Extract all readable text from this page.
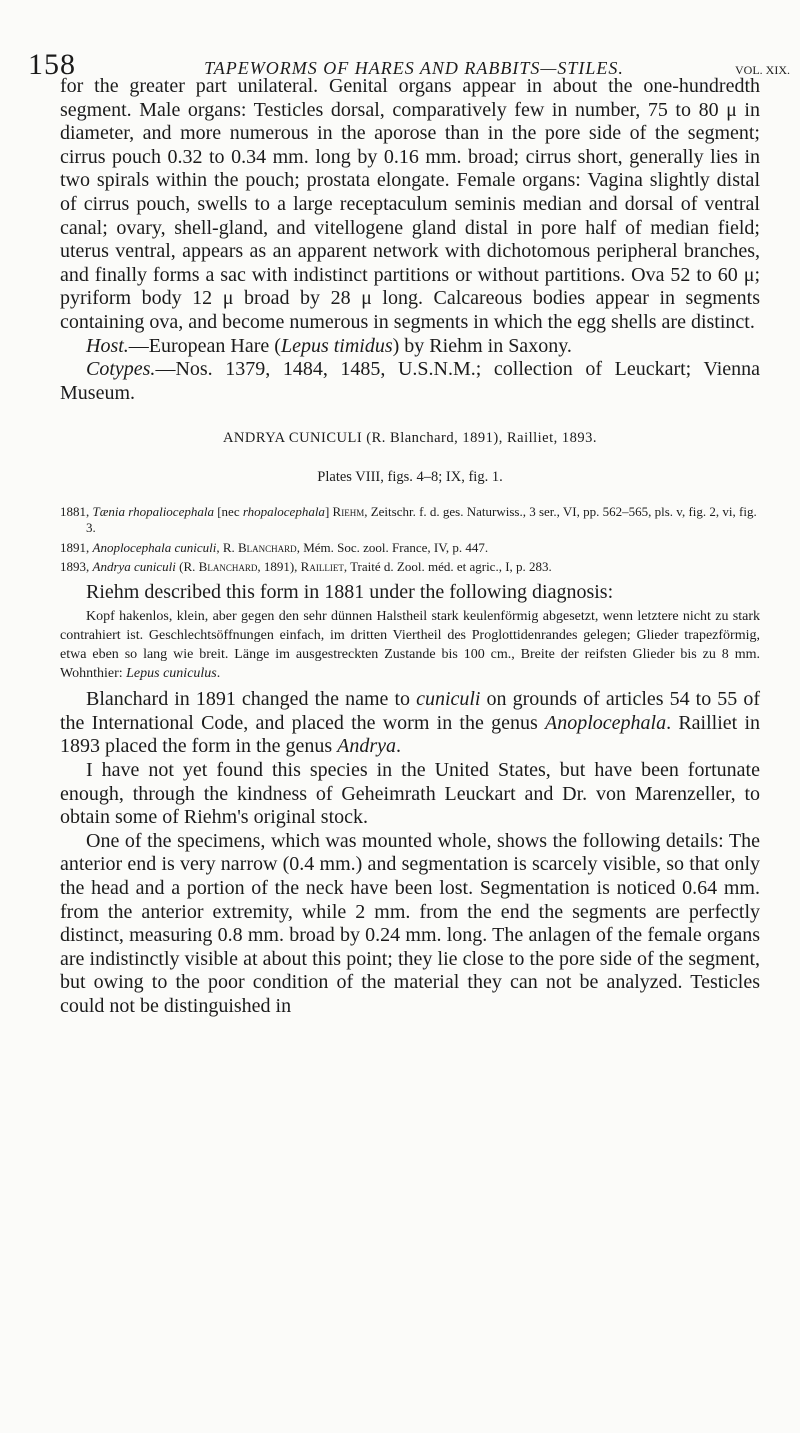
158	TAPEWORMS OF HARES AND RABBITS—STILES.	VOL. XIX.

for the greater part unilateral. Genital organs appear in about the one-hundredth segment. Male organs: Testicles dorsal, comparatively few in number, 75 to 80 μ in diameter, and more numerous in the aporose than in the pore side of the segment; cirrus pouch 0.32 to 0.34 mm. long by 0.16 mm. broad; cirrus short, generally lies in two spirals within the pouch; prostata elongate. Female organs: Vagina slightly distal of cirrus pouch, swells to a large receptaculum seminis median and dorsal of ventral canal; ovary, shell-gland, and vitellogene gland distal in pore half of median field; uterus ventral, appears as an apparent network with dichotomous peripheral branches, and finally forms a sac with indistinct partitions or without partitions. Ova 52 to 60 μ; pyriform body 12 μ broad by 28 μ long. Calcareous bodies appear in segments containing ova, and become numerous in segments in which the egg shells are distinct.

Host.—European Hare (Lepus timidus) by Riehm in Saxony.

Cotypes.—Nos. 1379, 1484, 1485, U.S.N.M.; collection of Leuckart; Vienna Museum.

ANDRYA CUNICULI (R. Blanchard, 1891), Railliet, 1893.
Plates VIII, figs. 4–8; IX, fig. 1.
1881, Tænia rhopaliocephala [nec rhopalocephala] Riehm, Zeitschr. f. d. ges. Naturwiss., 3 ser., VI, pp. 562–565, pls. v, fig. 2, vi, fig. 3.
1891, Anoplocephala cuniculi, R. Blanchard, Mém. Soc. zool. France, IV, p. 447.
1893, Andrya cuniculi (R. Blanchard, 1891), Railliet, Traité d. Zool. méd. et agric., I, p. 283.

Riehm described this form in 1881 under the following diagnosis:

Kopf hakenlos, klein, aber gegen den sehr dünnen Halstheil stark keulenförmig abgesetzt, wenn letztere nicht zu stark contrahiert ist. Geschlechtsöffnungen einfach, im dritten Viertheil des Proglottidenrandes gelegen; Glieder trapezförmig, etwa eben so lang wie breit. Länge im ausgestreckten Zustande bis 100 cm., Breite der reifsten Glieder bis zu 8 mm. Wohnthier: Lepus cuniculus.

Blanchard in 1891 changed the name to cuniculi on grounds of articles 54 to 55 of the International Code, and placed the worm in the genus Anoplocephala. Railliet in 1893 placed the form in the genus Andrya.

I have not yet found this species in the United States, but have been fortunate enough, through the kindness of Geheimrath Leuckart and Dr. von Marenzeller, to obtain some of Riehm's original stock.

One of the specimens, which was mounted whole, shows the following details: The anterior end is very narrow (0.4 mm.) and segmentation is scarcely visible, so that only the head and a portion of the neck have been lost. Segmentation is noticed 0.64 mm. from the anterior extremity, while 2 mm. from the end the segments are perfectly distinct, measuring 0.8 mm. broad by 0.24 mm. long. The anlagen of the female organs are indistinctly visible at about this point; they lie close to the pore side of the segment, but owing to the poor condition of the material they can not be analyzed. Testicles could not be distinguished in
